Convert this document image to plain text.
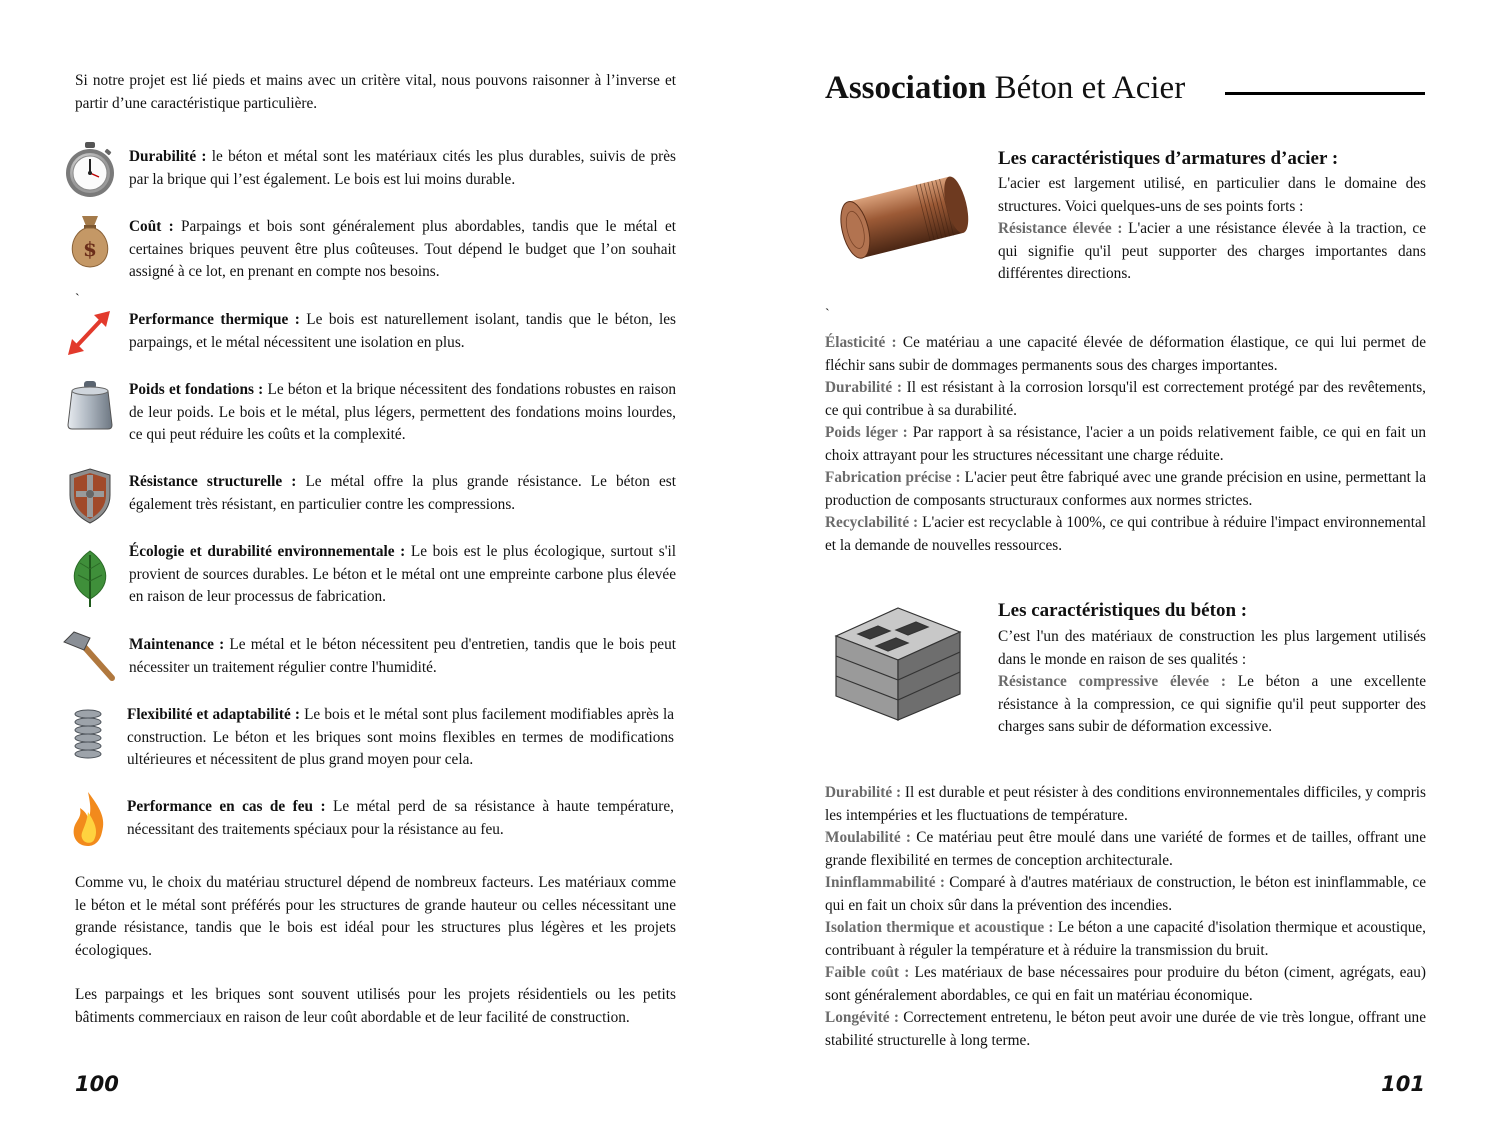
Si notre projet est lié pieds et mains avec un critère vital, nous pouvons raisonner à l’inverse et partir d’une caractéristique particulière.

Durabilité : le béton et métal sont les matériaux cités les plus durables, suivis de près par la brique qui l’est également. Le bois est lui moins durable.

$

Coût : Parpaings et bois sont généralement plus abordables, tandis que le métal et certaines briques peuvent être plus coûteuses. Tout dépend le budget que l’on souhait assigné à ce lot, en prenant en compte nos besoins.

`

Performance thermique : Le bois est naturellement isolant, tandis que le béton, les parpaings, et le métal nécessitent une isolation en plus.

Poids et fondations : Le béton et la brique nécessitent des fondations robustes en raison de leur poids. Le bois et le métal, plus légers, permettent des fondations moins lourdes, ce qui peut réduire les coûts et la complexité.

Résistance structurelle : Le métal offre la plus grande résistance. Le béton est également très résistant, en particulier contre les compressions.

Écologie et durabilité environnementale : Le bois est le plus écologique, surtout s'il provient de sources durables. Le béton et le métal ont une empreinte carbone plus élevée en raison de leur processus de fabrication.

Maintenance : Le métal et le béton nécessitent peu d'entretien, tandis que le bois peut nécessiter un traitement régulier contre l'humidité.

Flexibilité et adaptabilité : Le bois et le métal sont plus facilement modifiables après la construction. Le béton et les briques sont moins flexibles en termes de modifications ultérieures et nécessitent de plus grand moyen pour cela.

Performance en cas de feu : Le métal perd de sa résistance à haute température, nécessitant des traitements spéciaux pour la résistance au feu.

Comme vu, le choix du matériau structurel dépend de nombreux facteurs. Les matériaux comme le béton et le métal sont préférés pour les structures de grande hauteur ou celles nécessitant une grande résistance, tandis que le bois est idéal pour les structures plus légères et les projets écologiques.

Les parpaings et les briques sont souvent utilisés pour les projets résidentiels ou les petits bâtiments commerciaux en raison de leur coût abordable et de leur facilité de construction.

100
Association Béton et Acier
Les caractéristiques d’armatures d’acier :

L'acier est largement utilisé, en particulier dans le domaine des structures. Voici quelques-uns de ses points forts :
Résistance élevée : L'acier a une résistance élevée à la traction, ce qui signifie qu'il peut supporter des charges importantes dans différentes directions.

`

Élasticité : Ce matériau a une capacité élevée de déformation élastique, ce qui lui permet de fléchir sans subir de dommages permanents sous des charges importantes.

Durabilité : Il est résistant à la corrosion lorsqu'il est correctement protégé par des revêtements, ce qui contribue à sa durabilité.

Poids léger : Par rapport à sa résistance, l'acier a un poids relativement faible, ce qui en fait un choix attrayant pour les structures nécessitant une charge réduite.

Fabrication précise : L'acier peut être fabriqué avec une grande précision en usine, permettant la production de composants structuraux conformes aux normes strictes.

Recyclabilité : L'acier est recyclable à 100%, ce qui contribue à réduire l'impact environnemental et la demande de nouvelles ressources.

Les caractéristiques du béton :

C’est l'un des matériaux de construction les plus largement utilisés dans le monde en raison de ses qualités :
Résistance compressive élevée : Le béton a une excellente résistance à la compression, ce qui signifie qu'il peut supporter des charges sans subir de déformation excessive.

Durabilité : Il est durable et peut résister à des conditions environnementales difficiles, y compris les intempéries et les fluctuations de température.

Moulabilité : Ce matériau peut être moulé dans une variété de formes et de tailles, offrant une grande flexibilité en termes de conception architecturale.

Ininflammabilité : Comparé à d'autres matériaux de construction, le béton est ininflammable, ce qui en fait un choix sûr dans la prévention des incendies.

Isolation thermique et acoustique : Le béton a une capacité d'isolation thermique et acoustique, contribuant à réguler la température et à réduire la transmission du bruit.

Faible coût : Les matériaux de base nécessaires pour produire du béton (ciment, agrégats, eau) sont généralement abordables, ce qui en fait un matériau économique.

Longévité : Correctement entretenu, le béton peut avoir une durée de vie très longue, offrant une stabilité structurelle à long terme.

101
